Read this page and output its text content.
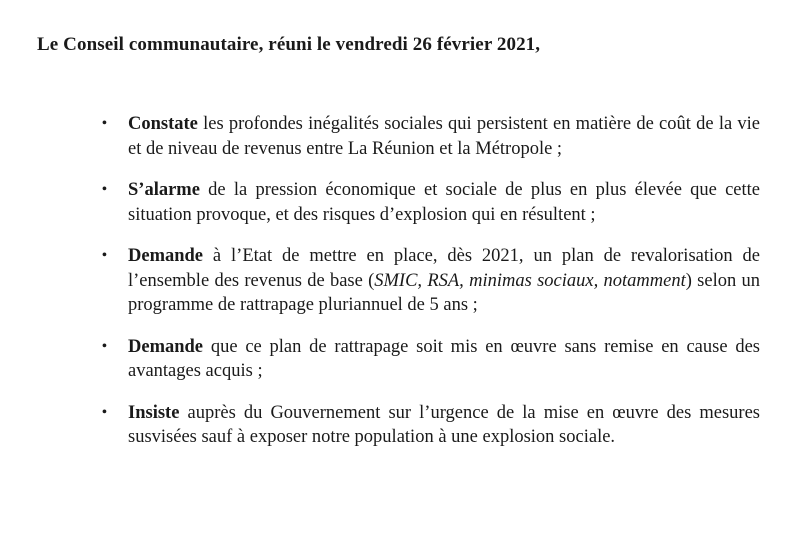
Le Conseil communautaire, réuni le vendredi 26 février 2021,
• Constate les profondes inégalités sociales qui persistent en matière de coût de la vie et de niveau de revenus entre La Réunion et la Métropole ;
• S’alarme de la pression économique et sociale de plus en plus élevée que cette situation provoque, et des risques d’explosion qui en résultent ;
• Demande à l’Etat de mettre en place, dès 2021, un plan de revalorisation de l’ensemble des revenus de base (SMIC, RSA, minimas sociaux, notamment) selon un programme de rattrapage pluriannuel de 5 ans ;
• Demande que ce plan de rattrapage soit mis en œuvre sans remise en cause des avantages acquis ;
• Insiste auprès du Gouvernement sur l’urgence de la mise en œuvre des mesures susvisées sauf à exposer notre population à une explosion sociale.
